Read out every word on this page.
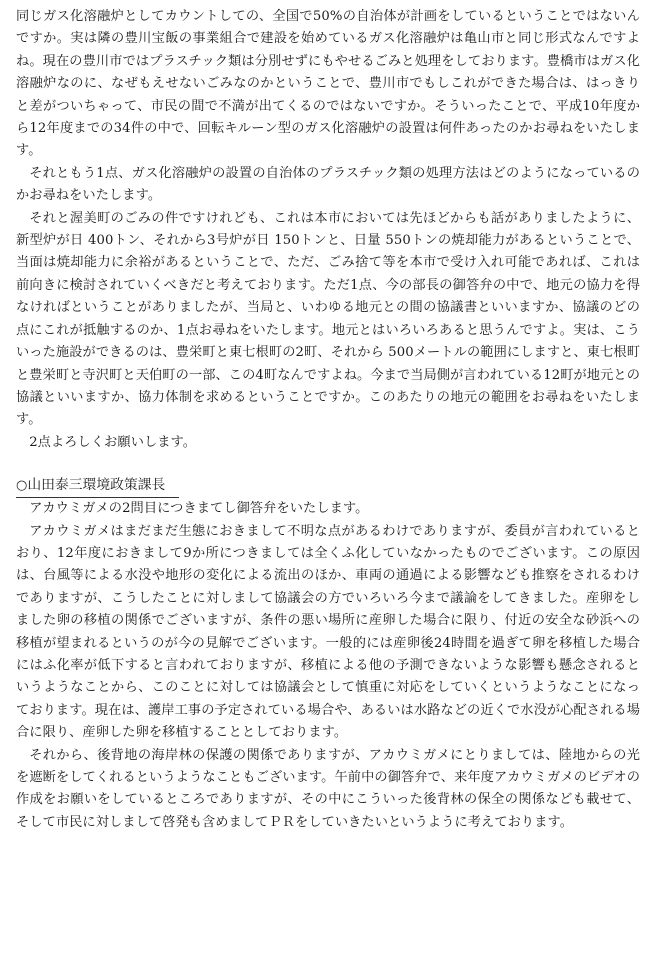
同じガス化溶融炉としてカウントしての、全国で50%の自治体が計画をしているということではないんですか。実は隣の豊川宝飯の事業組合で建設を始めているガス化溶融炉は亀山市と同じ形式なんですよね。現在の豊川市ではプラスチック類は分別せずにもやせるごみと処理をしております。豊橋市はガス化溶融炉なのに、なぜもえせないごみなのかということで、豊川市でもしこれができた場合は、はっきりと差がついちゃって、市民の間で不満が出てくるのではないですか。そういったことで、平成10年度から12年度までの34件の中で、回転キルーン型のガス化溶融炉の設置は何件あったのかお尋ねをいたします。

それともう1点、ガス化溶融炉の設置の自治体のプラスチック類の処理方法はどのようになっているのかお尋ねをいたします。

それと渥美町のごみの件ですけれども、これは本市においては先ほどからも話がありましたように、新型炉が日 400トン、それから3号炉が日 150トンと、日量 550トンの焼却能力があるということで、当面は焼却能力に余裕があるということで、ただ、ごみ捨て等を本市で受け入れ可能であれば、これは前向きに検討されていくべきだと考えております。ただ1点、今の部長の御答弁の中で、地元の協力を得なければということがありましたが、当局と、いわゆる地元との間の協議書といいますか、協議のどの点にこれが抵触するのか、1点お尋ねをいたします。地元とはいろいろあると思うんですよ。実は、こういった施設ができるのは、豊栄町と東七根町の2町、それから 500メートルの範囲にしますと、東七根町と豊栄町と寺沢町と天伯町の一部、この4町なんですよね。今まで当局側が言われている12町が地元との協議といいますか、協力体制を求めるということですか。このあたりの地元の範囲をお尋ねをいたします。

2点よろしくお願いします。

○山田泰三環境政策課長

アカウミガメの2問目につきまてし御答弁をいたします。

アカウミガメはまだまだ生態におきまして不明な点があるわけでありますが、委員が言われているとおり、12年度におきまして9か所につきましては全くふ化していなかったものでございます。この原因は、台風等による水没や地形の変化による流出のほか、車両の通過による影響なども推察をされるわけでありますが、こうしたことに対しまして協議会の方でいろいろ今まで議論をしてきました。産卵をしました卵の移植の関係でございますが、条件の悪い場所に産卵した場合に限り、付近の安全な砂浜への移植が望まれるというのが今の見解でございます。一般的には産卵後24時間を過ぎて卵を移植した場合にはふ化率が低下すると言われておりますが、移植による他の予測できないような影響も懸念されるというようなことから、このことに対しては協議会として慎重に対応をしていくというようなことになっております。現在は、護岸工事の予定されている場合や、あるいは水路などの近くで水没が心配される場合に限り、産卵した卵を移植することとしております。

それから、後背地の海岸林の保護の関係でありますが、アカウミガメにとりましては、陸地からの光を遮断をしてくれるというようなこともございます。午前中の御答弁で、来年度アカウミガメのビデオの作成をお願いをしているところでありますが、その中にこういった後背林の保全の関係なども載せて、そして市民に対しまして啓発も含めましてＰＲをしていきたいというように考えております。
